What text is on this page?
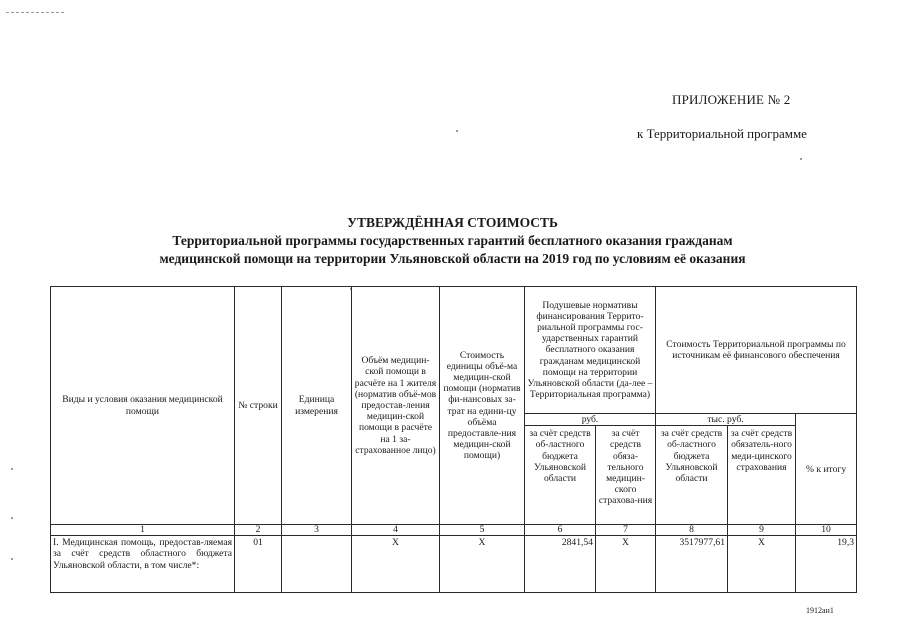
ПРИЛОЖЕНИЕ № 2
к Территориальной программе
УТВЕРЖДЁННАЯ СТОИМОСТЬ
Территориальной программы государственных гарантий бесплатного оказания гражданам
медицинской помощи на территории Ульяновской области на 2019 год по условиям её оказания
Виды и условия оказания медицинской помощи	№ строки	Единица измерения	Объём медицин-ской помощи в расчёте на 1 жителя (норматив объё-мов предостав-ления медицин-ской помощи в расчёте на 1 за-страхованное лицо)	Стоимость единицы объё-ма медицин-ской помощи (норматив фи-нансовых за-трат на едини-цу объёма предоставле-ния медицин-ской помощи)	Подушевые нормативы финансирования Террито-риальной программы гос-ударственных гарантий бесплатного оказания гражданам медицинской помощи на территории Ульяновской области (да-лее – Территориальная программа)		Стоимость Территориальной программы по источникам её финансового обеспечения		
					руб.		тыс. руб.		% к итогу
					за счёт средств об-ластного бюджета Ульяновской области	за счёт средств обяза-тельного медицин-ского страхова-ния	за счёт средств об-ластного бюджета Ульяновской области	за счёт средств обязатель-ного меди-цинского страхования	
1	2	3	4	5	6	7	8	9	10
I. Медицинская помощь, предостав-ляемая за счёт средств областного бюджета Ульяновской области, в том числе*:	01		X	X	2841,54	X	3517977,61	X	19,3
1912ан1
